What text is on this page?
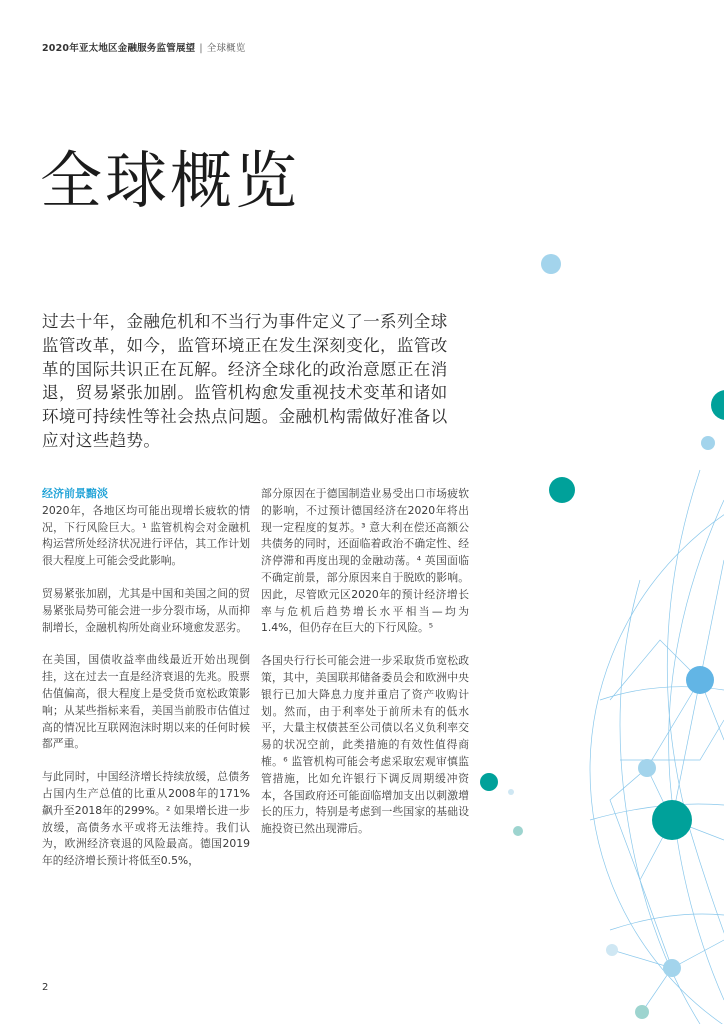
2020年亚太地区金融服务监管展望 | 全球概览
全球概览

过去十年，金融危机和不当行为事件定义了一系列全球监管改革，如今，监管环境正在发生深刻变化，监管改革的国际共识正在瓦解。经济全球化的政治意愿正在消退，贸易紧张加剧。监管机构愈发重视技术变革和诸如环境可持续性等社会热点问题。金融机构需做好准备以应对这些趋势。

经济前景黯淡

2020年，各地区均可能出现增长疲软的情况，下行风险巨大。¹ 监管机构会对金融机构运营所处经济状况进行评估，其工作计划很大程度上可能会受此影响。

贸易紧张加剧，尤其是中国和美国之间的贸易紧张局势可能会进一步分裂市场，从而抑制增长，金融机构所处商业环境愈发恶劣。

在美国，国债收益率曲线最近开始出现倒挂，这在过去一直是经济衰退的先兆。股票估值偏高，很大程度上是受货币宽松政策影响；从某些指标来看，美国当前股市估值过高的情况比互联网泡沫时期以来的任何时候都严重。

与此同时，中国经济增长持续放缓，总债务占国内生产总值的比重从2008年的171%飙升至2018年的299%。² 如果增长进一步放缓，高债务水平或将无法维持。我们认为，欧洲经济衰退的风险最高。德国2019年的经济增长预计将低至0.5%，

部分原因在于德国制造业易受出口市场疲软的影响，不过预计德国经济在2020年将出现一定程度的复苏。³ 意大利在偿还高额公共债务的同时，还面临着政治不确定性、经济停滞和再度出现的金融动荡。⁴ 英国面临不确定前景，部分原因来自于脱欧的影响。因此，尽管欧元区2020年的预计经济增长率与危机后趋势增长水平相当—均为1.4%，但仍存在巨大的下行风险。⁵

各国央行行长可能会进一步采取货币宽松政策，其中，美国联邦储备委员会和欧洲中央银行已加大降息力度并重启了资产收购计划。然而，由于利率处于前所未有的低水平，大量主权债甚至公司债以名义负利率交易的状况空前，此类措施的有效性值得商榷。⁶ 监管机构可能会考虑采取宏观审慎监管措施，比如允许银行下调反周期缓冲资本，各国政府还可能面临增加支出以刺激增长的压力，特别是考虑到一些国家的基础设施投资已然出现滞后。

2
